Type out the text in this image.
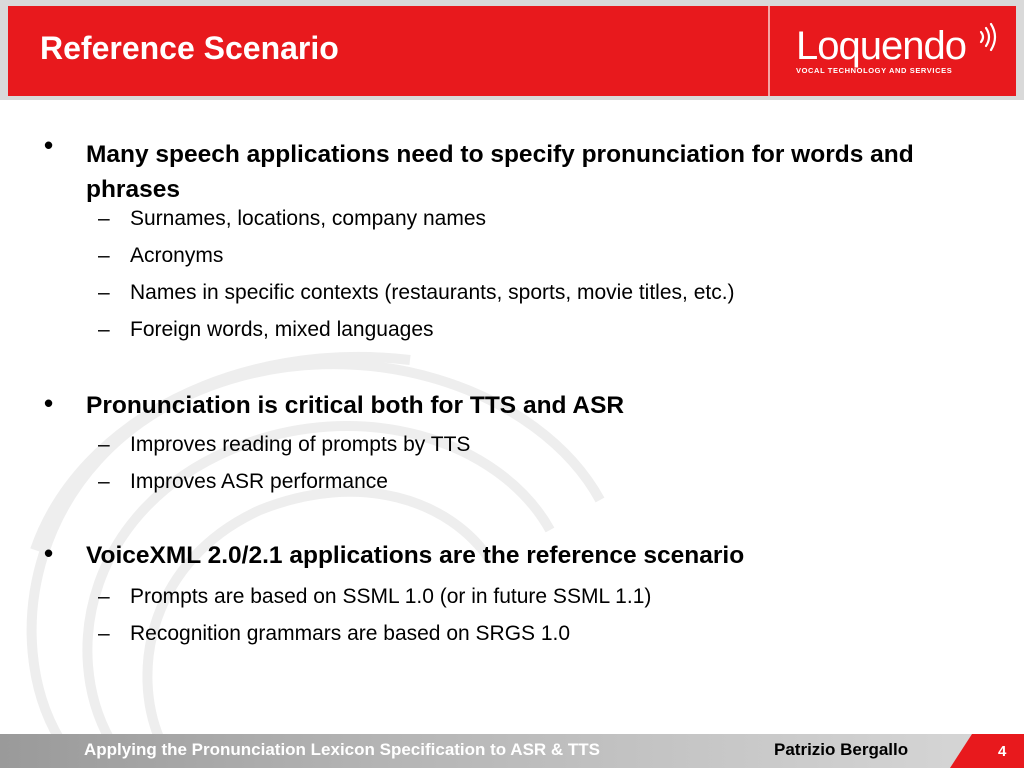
Reference Scenario	Loquendo
VOCAL TECHNOLOGY AND SERVICES
• Many speech applications need to specify pronunciation for words and phrases
– Surnames, locations, company names
– Acronyms
– Names in specific contexts (restaurants, sports, movie titles, etc.)
– Foreign words, mixed languages
• Pronunciation is critical both for TTS and ASR
– Improves reading of prompts by TTS
– Improves ASR performance
• VoiceXML 2.0/2.1 applications are the reference scenario
– Prompts are based on SSML 1.0 (or in future SSML 1.1)
– Recognition grammars are based on SRGS 1.0
Applying the Pronunciation Lexicon Specification to ASR & TTS	Patrizio Bergallo	4
